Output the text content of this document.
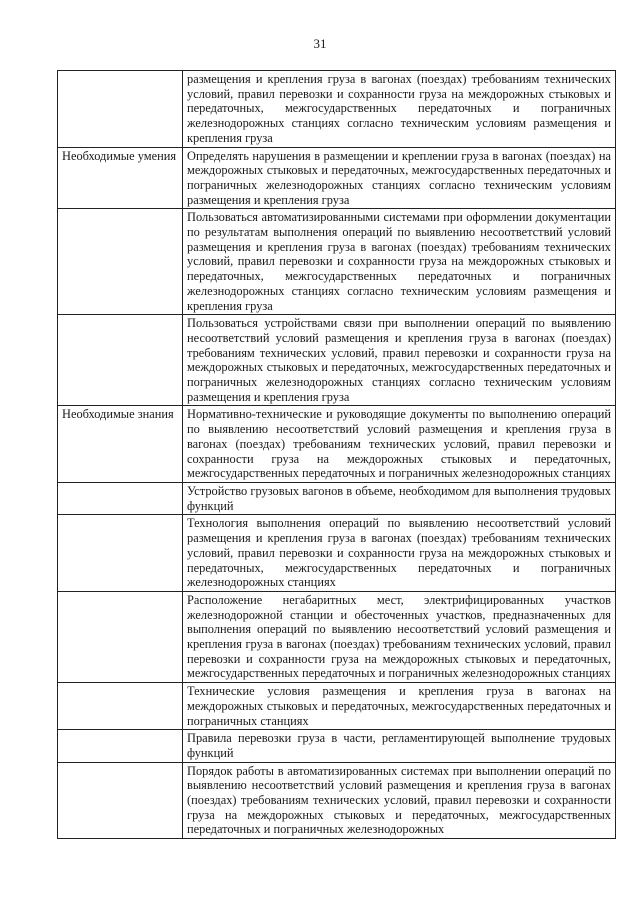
31
	размещения и крепления груза в вагонах (поездах) требованиям технических условий, правил перевозки и сохранности груза на междорожных стыковых и передаточных, межгосударственных передаточных и пограничных железнодорожных станциях согласно техническим условиям размещения и крепления груза
Необходимые умения	Определять нарушения в размещении и креплении груза в вагонах (поездах) на междорожных стыковых и передаточных, межгосударственных передаточных и пограничных железнодорожных станциях согласно техническим условиям размещения и крепления груза
	Пользоваться автоматизированными системами при оформлении документации по результатам выполнения операций по выявлению несоответствий условий размещения и крепления груза в вагонах (поездах) требованиям технических условий, правил перевозки и сохранности груза на междорожных стыковых и передаточных, межгосударственных передаточных и пограничных железнодорожных станциях согласно техническим условиям размещения и крепления груза
	Пользоваться устройствами связи при выполнении операций по выявлению несоответствий условий размещения и крепления груза в вагонах (поездах) требованиям технических условий, правил перевозки и сохранности груза на междорожных стыковых и передаточных, межгосударственных передаточных и пограничных железнодорожных станциях согласно техническим условиям размещения и крепления груза
Необходимые знания	Нормативно-технические и руководящие документы по выполнению операций по выявлению несоответствий условий размещения и крепления груза в вагонах (поездах) требованиям технических условий, правил перевозки и сохранности груза на междорожных стыковых и передаточных, межгосударственных передаточных и пограничных железнодорожных станциях
	Устройство грузовых вагонов в объеме, необходимом для выполнения трудовых функций
	Технология выполнения операций по выявлению несоответствий условий размещения и крепления груза в вагонах (поездах) требованиям технических условий, правил перевозки и сохранности груза на междорожных стыковых и передаточных, межгосударственных передаточных и пограничных железнодорожных станциях
	Расположение негабаритных мест, электрифицированных участков железнодорожной станции и обесточенных участков, предназначенных для выполнения операций по выявлению несоответствий условий размещения и крепления груза в вагонах (поездах) требованиям технических условий, правил перевозки и сохранности груза на междорожных стыковых и передаточных, межгосударственных передаточных и пограничных железнодорожных станциях
	Технические условия размещения и крепления груза в вагонах на междорожных стыковых и передаточных, межгосударственных передаточных и пограничных станциях
	Правила перевозки груза в части, регламентирующей выполнение трудовых функций
	Порядок работы в автоматизированных системах при выполнении операций по выявлению несоответствий условий размещения и крепления груза в вагонах (поездах) требованиям технических условий, правил перевозки и сохранности груза на междорожных стыковых и передаточных, межгосударственных передаточных и пограничных железнодорожных
